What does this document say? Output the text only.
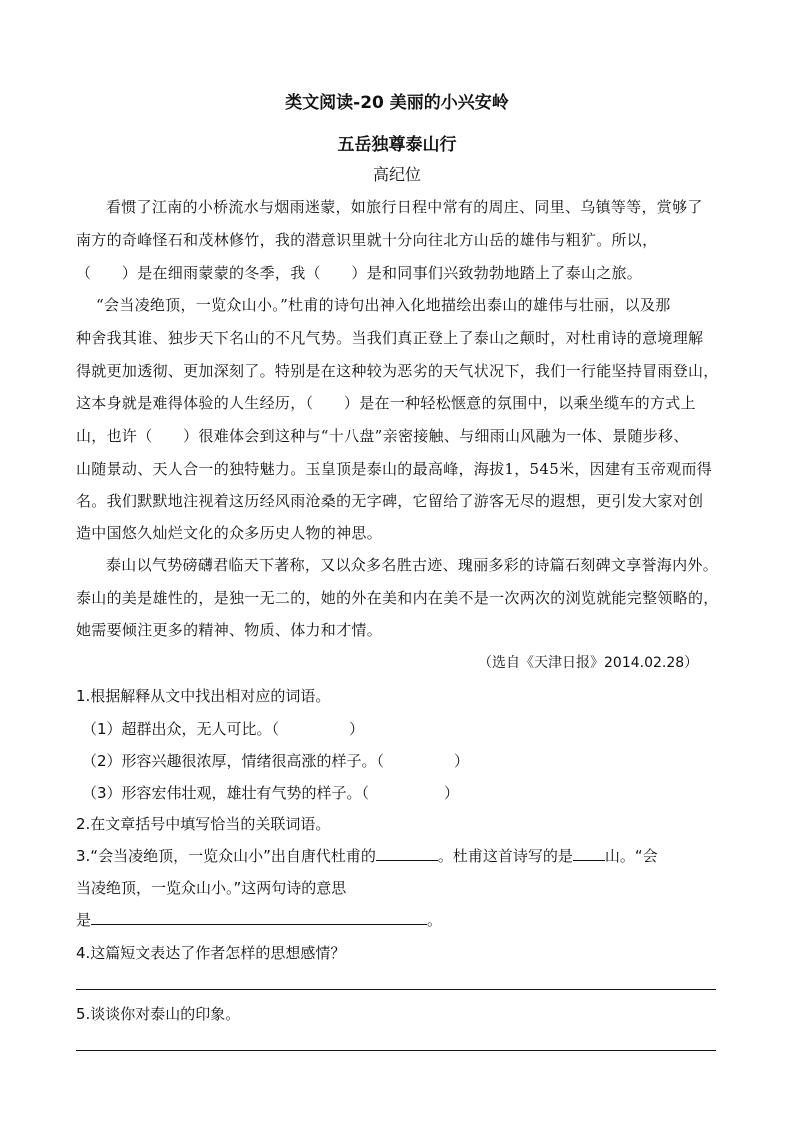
类文阅读-20 美丽的小兴安岭
五岳独尊泰山行
高纪位
看惯了江南的小桥流水与烟雨迷蒙，如旅行日程中常有的周庄、同里、乌镇等等，赏够了
南方的奇峰怪石和茂林修竹，我的潜意识里就十分向往北方山岳的雄伟与粗犷。所以，
（　　）是在细雨蒙蒙的冬季，我（　　）是和同事们兴致勃勃地踏上了泰山之旅。
“会当凌绝顶，一览众山小。”杜甫的诗句出神入化地描绘出泰山的雄伟与壮丽，以及那
种舍我其谁、独步天下名山的不凡气势。当我们真正登上了泰山之颠时，对杜甫诗的意境理解
得就更加透彻、更加深刻了。特别是在这种较为恶劣的天气状况下，我们一行能坚持冒雨登山，
这本身就是难得体验的人生经历，（　　）是在一种轻松惬意的氛围中，以乘坐缆车的方式上
山，也许（　　）很难体会到这种与“十八盘”亲密接触、与细雨山风融为一体、景随步移、
山随景动、天人合一的独特魅力。玉皇顶是泰山的最高峰，海拔1，545米，因建有玉帝观而得
名。我们默默地注视着这历经风雨沧桑的无字碑，它留给了游客无尽的遐想，更引发大家对创
造中国悠久灿烂文化的众多历史人物的神思。
泰山以气势磅礴君临天下著称，又以众多名胜古迹、瑰丽多彩的诗篇石刻碑文享誉海内外。
泰山的美是雄性的，是独一无二的，她的外在美和内在美不是一次两次的浏览就能完整领略的，
她需要倾注更多的精神、物质、体力和才情。
（选自《天津日报》2014.02.28）
1.根据解释从文中找出相对应的词语。
（1）超群出众，无人可比。（	）
（2）形容兴趣很浓厚，情绪很高涨的样子。（	）
（3）形容宏伟壮观，雄壮有气势的样子。（	）
2.在文章括号中填写恰当的关联词语。
3.“会当凌绝顶，一览众山小”出自唐代杜甫的	。杜甫这首诗写的是 山。“会
当凌绝顶，一览众山小。”这两句诗的意思
是	。
4.这篇短文表达了作者怎样的思想感情？
5.谈谈你对泰山的印象。
